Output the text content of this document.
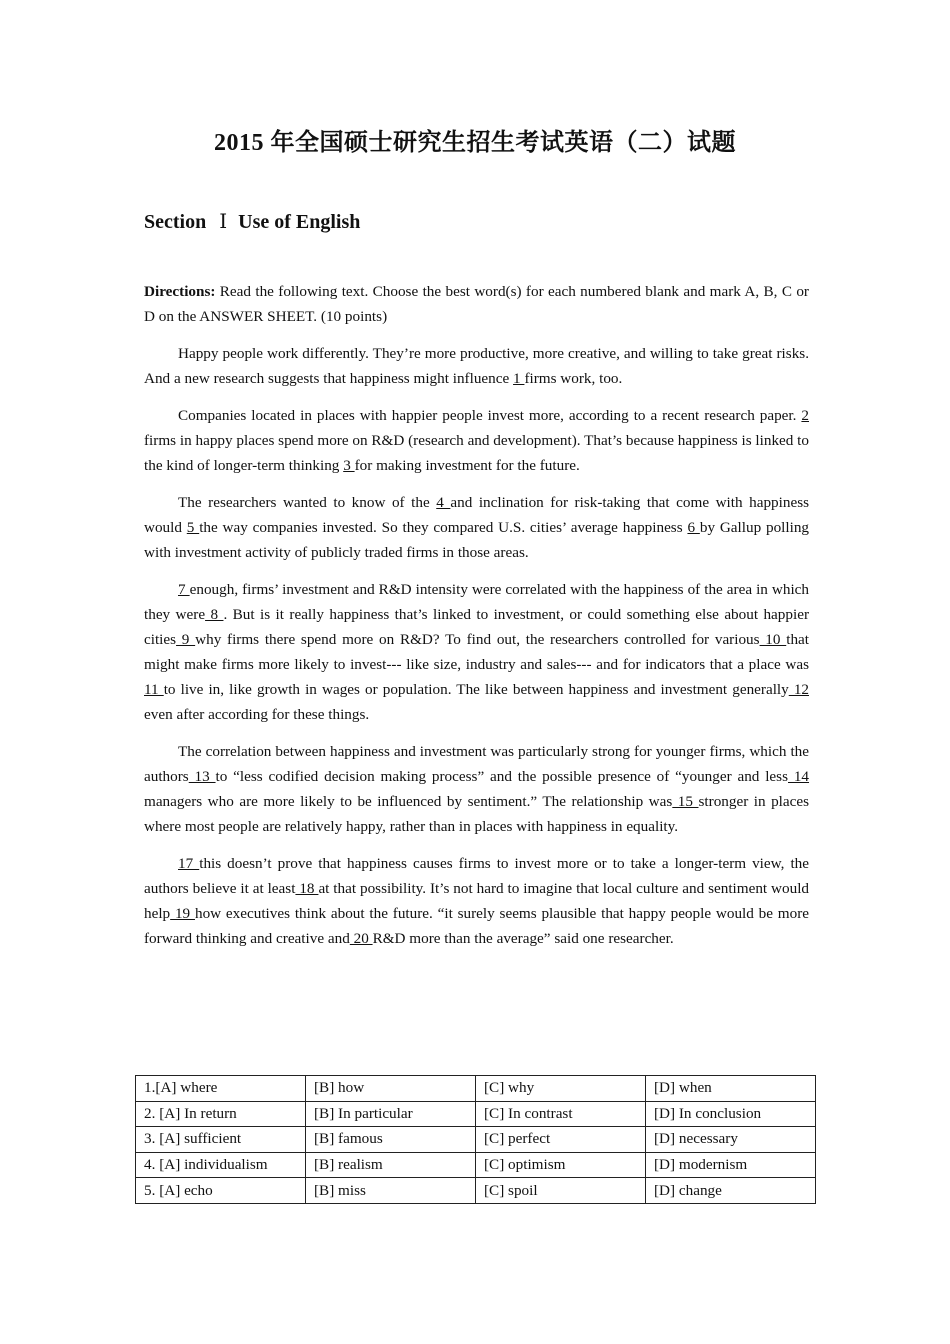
2015 年全国硕士研究生招生考试英语（二）试题
Section Ⅰ Use of English

Directions: Read the following text. Choose the best word(s) for each numbered blank and mark A, B, C or D on the ANSWER SHEET. (10 points)

Happy people work differently. They’re more productive, more creative, and willing to take great risks. And a new research suggests that happiness might influence 1 firms work, too.

Companies located in places with happier people invest more, according to a recent research paper. 2 firms in happy places spend more on R&D (research and development). That’s because happiness is linked to the kind of longer-term thinking 3 for making investment for the future.

The researchers wanted to know of the 4 and inclination for risk-taking that come with happiness would 5 the way companies invested. So they compared U.S. cities’ average happiness 6 by Gallup polling with investment activity of publicly traded firms in those areas.

7 enough, firms’ investment and R&D intensity were correlated with the happiness of the area in which they were 8 . But is it really happiness that’s linked to investment, or could something else about happier cities 9 why firms there spend more on R&D? To find out, the researchers controlled for various 10 that might make firms more likely to invest--- like size, industry and sales--- and for indicators that a place was 11 to live in, like growth in wages or population. The like between happiness and investment generally 12 even after according for these things.

The correlation between happiness and investment was particularly strong for younger firms, which the authors 13 to “less codified decision making process” and the possible presence of “younger and less 14 managers who are more likely to be influenced by sentiment.” The relationship was 15 stronger in places where most people are relatively happy, rather than in places with happiness in equality.

17 this doesn’t prove that happiness causes firms to invest more or to take a longer-term view, the authors believe it at least 18 at that possibility. It’s not hard to imagine that local culture and sentiment would help 19 how executives think about the future. “it surely seems plausible that happy people would be more forward thinking and creative and 20 R&D more than the average” said one researcher.

1.[A] where	[B] how	[C] why	[D] when
2. [A] In return	[B] In particular	[C] In contrast	[D] In conclusion
3. [A] sufficient	[B] famous	[C] perfect	[D] necessary
4. [A] individualism	[B] realism	[C] optimism	[D] modernism
5. [A] echo	[B] miss	[C] spoil	[D] change
